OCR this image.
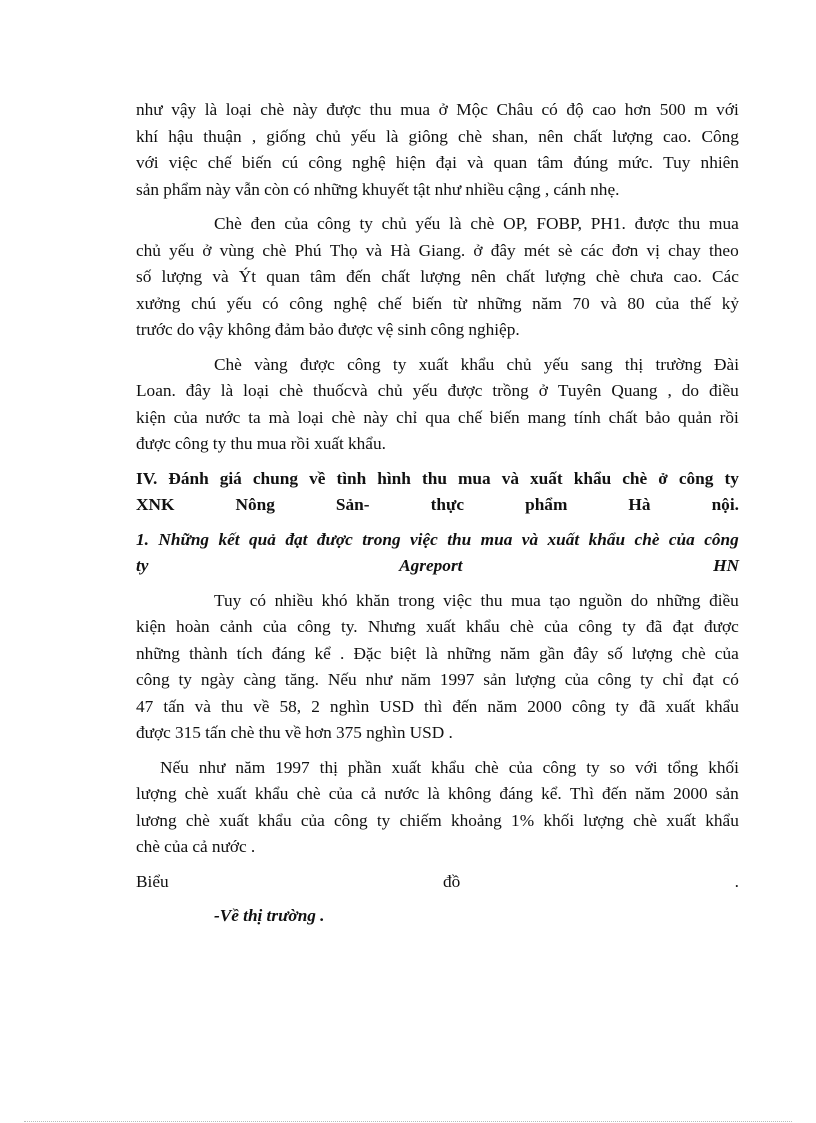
như vậy là loại chè này được thu mua ở Mộc Châu có độ cao hơn 500 m với
khí hậu thuận , giống chủ yếu là giông chè shan, nên chất lượng cao. Công
với việc chế biến cú công nghệ hiện đại và quan tâm đúng mức. Tuy nhiên
sản phẩm này vẫn còn có những khuyết tật như nhiều cậng , cánh nhẹ.
Chè đen của công ty chủ yếu là chè OP, FOBP, PH1. được thu mua
chủ yếu ở vùng chè Phú Thọ và Hà Giang. ở đây mét sè các đơn vị chay theo
số lượng và Ýt quan tâm đến chất lượng nên chất lượng chè chưa cao. Các
xưởng chú yếu có công nghệ chế biến từ những năm 70 và 80 của thế kỷ
trước do vậy không đảm bảo được vệ sinh công nghiệp.
Chè vàng được công ty xuất khẩu chủ yếu sang thị trường Đài
Loan. đây là loại chè thuốcvà chủ yếu được trồng ở Tuyên Quang , do điều
kiện của nước ta mà loại chè này chỉ qua chế biến mang tính chất bảo quản rồi
được công ty thu mua rồi xuất khẩu.
IV. Đánh giá chung về tình hình thu mua và xuất khẩu chè ở công ty
XNK	Nông	Sản-	thực	phẩm	Hà	nội.
1. Những kết quả đạt được trong việc thu mua và xuất khẩu chè của công
ty	Agreport	HN
Tuy có nhiều khó khăn trong việc thu mua tạo nguồn do những điều
kiện hoàn cảnh của công ty. Nhưng xuất khẩu chè của công ty đã đạt được
những thành tích đáng kể . Đặc biệt là những năm gần đây số lượng chè của
công ty ngày càng tăng. Nếu như năm 1997 sản lượng của công ty chỉ đạt có
47 tấn và thu về 58, 2 nghìn USD thì đến năm 2000 công ty đã xuất khẩu
được 315 tấn chè thu về hơn 375 nghìn USD .
Nếu như năm 1997 thị phần xuất khẩu chè của công ty so với tổng khối
lượng chè xuất khẩu chè của cả nước là không đáng kể. Thì đến năm 2000 sản
lương chè xuất khẩu của công ty chiếm khoảng 1% khối lượng chè xuất khẩu
chè của cả nước .
Biểu	đồ	.
-Về thị trường .
